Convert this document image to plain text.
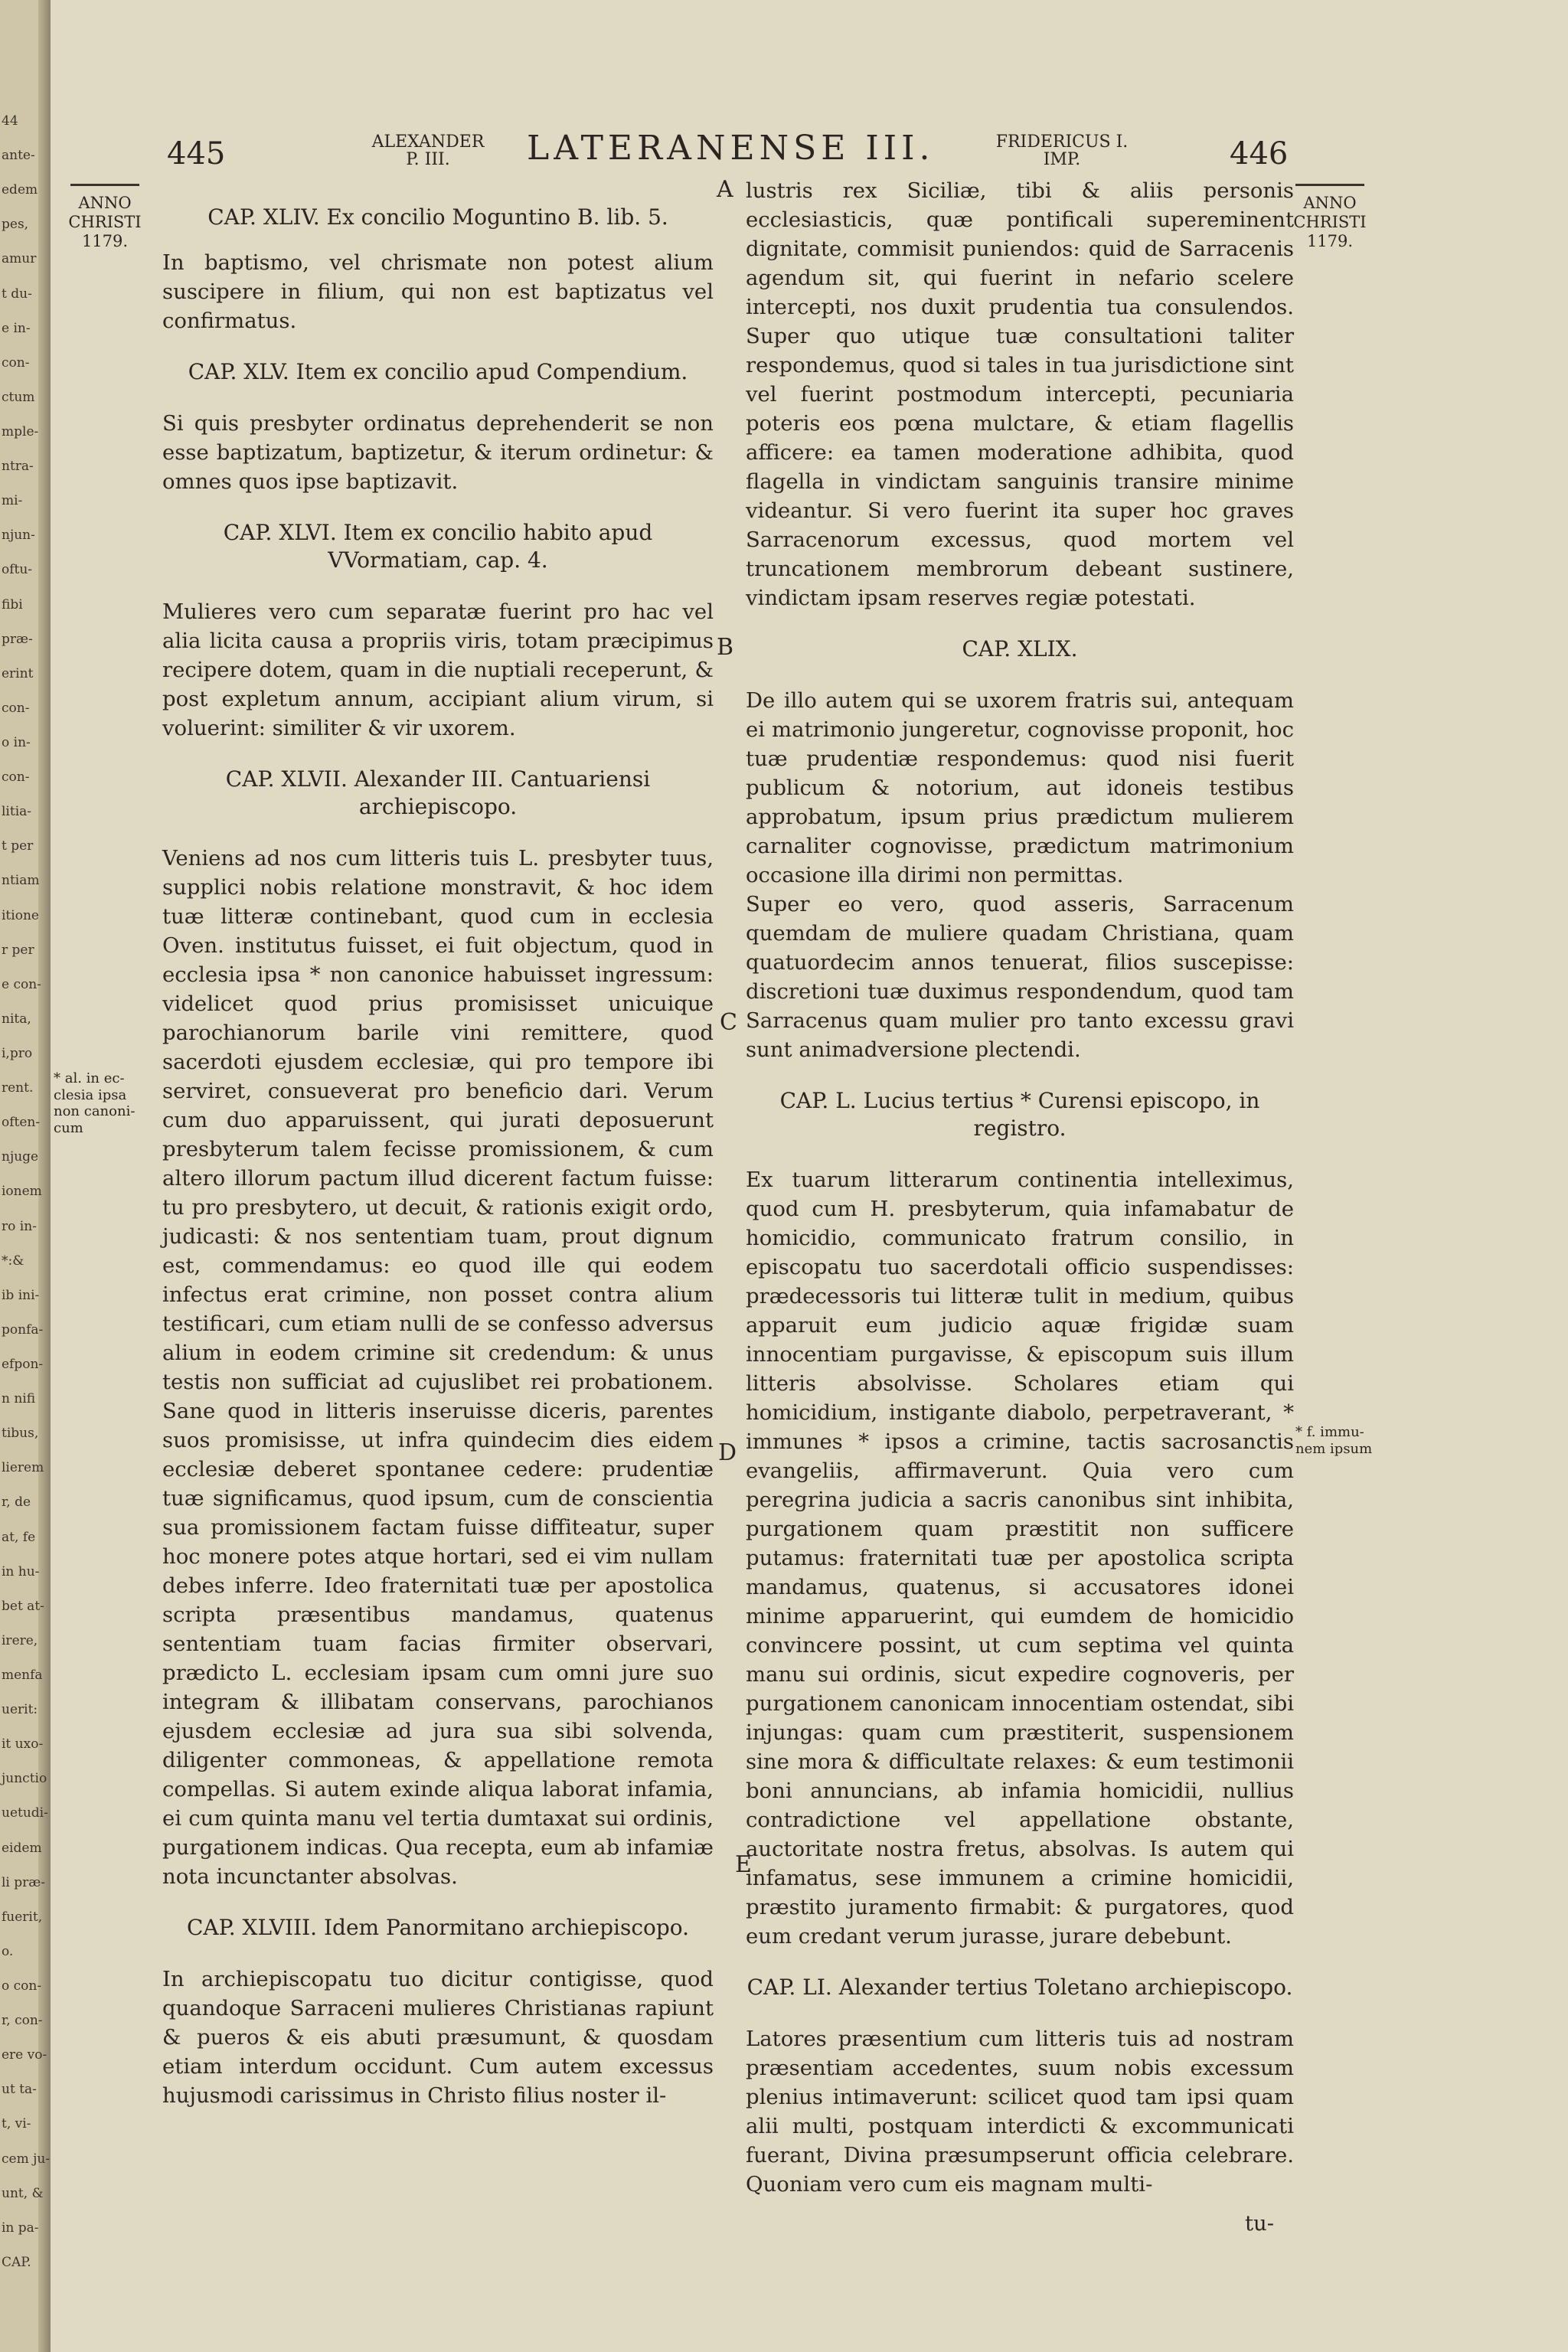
44
ante-
edem
pes,
amur
t du-
e in-
con-
ctum
mple-
ntra-
mi-
njun-
oftu-
fibi
præ-
erint
con-
o in-
con-
litia-
t per
ntiam
itione
r per
e con-
nita,
i,pro
rent.
often-
njuge
ionem
ro in-
*:&
ib ini-
ponfa-
efpon-
n nifi
tibus,
lierem
r, de
at, fe
in hu-
bet at-
irere,
menfa
uerit:
it uxo-
junctio
uetudi-
eidem
li præ-
fuerit,
o.
o con-
r, con-
ere vo-
ut ta-
t, vi-
cem ju-
unt, &
in pa-
CAP.
445	ALEXANDER
P. III.	LATERANENSE III.	FRIDERICUS I.
IMP.	446
ANNO
CHRISTI
1179.
ANNO
CHRISTI
1179.
A
B
C
D
E
* al. in ec-
clesia ipsa
non canoni-
cum
* f. immu-
nem ipsum

CAP. XLIV. Ex concilio Moguntino B. lib. 5.

In baptismo, vel chrismate non potest alium suscipere in filium, qui non est baptizatus vel confirmatus.

CAP. XLV. Item ex concilio apud Compendium.

Si quis presbyter ordinatus deprehenderit se non esse baptizatum, baptizetur, & iterum ordinetur: & omnes quos ipse baptizavit.

CAP. XLVI. Item ex concilio habito apud VVormatiam, cap. 4.

Mulieres vero cum separatæ fuerint pro hac vel alia licita causa a propriis viris, totam præcipimus recipere dotem, quam in die nuptiali receperunt, & post expletum annum, accipiant alium virum, si voluerint: similiter & vir uxorem.

CAP. XLVII. Alexander III. Cantuariensi archiepiscopo.

Veniens ad nos cum litteris tuis L. presbyter tuus, supplici nobis relatione monstravit, & hoc idem tuæ litteræ continebant, quod cum in ecclesia Oven. institutus fuisset, ei fuit objectum, quod in ecclesia ipsa * non canonice habuisset ingressum: videlicet quod prius promisisset unicuique parochianorum barile vini remittere, quod sacerdoti ejusdem ecclesiæ, qui pro tempore ibi serviret, consueverat pro beneficio dari. Verum cum duo apparuissent, qui jurati deposuerunt presbyterum talem fecisse promissionem, & cum altero illorum pactum illud dicerent factum fuisse: tu pro presbytero, ut decuit, & rationis exigit ordo, judicasti: & nos sententiam tuam, prout dignum est, commendamus: eo quod ille qui eodem infectus erat crimine, non posset contra alium testificari, cum etiam nulli de se confesso adversus alium in eodem crimine sit credendum: & unus testis non sufficiat ad cujuslibet rei probationem. Sane quod in litteris inseruisse diceris, parentes suos promisisse, ut infra quindecim dies eidem ecclesiæ deberet spontanee cedere: prudentiæ tuæ significamus, quod ipsum, cum de conscientia sua promissionem factam fuisse diffiteatur, super hoc monere potes atque hortari, sed ei vim nullam debes inferre. Ideo fraternitati tuæ per apostolica scripta præsentibus mandamus, quatenus sententiam tuam facias firmiter observari, prædicto L. ecclesiam ipsam cum omni jure suo integram & illibatam conservans, parochianos ejusdem ecclesiæ ad jura sua sibi solvenda, diligenter commoneas, & appellatione remota compellas. Si autem exinde aliqua laborat infamia, ei cum quinta manu vel tertia dumtaxat sui ordinis, purgationem indicas. Qua recepta, eum ab infamiæ nota incunctanter absolvas.

CAP. XLVIII. Idem Panormitano archiepiscopo.

In archiepiscopatu tuo dicitur contigisse, quod quandoque Sarraceni mulieres Christianas rapiunt & pueros & eis abuti præsumunt, & quosdam etiam interdum occidunt. Cum autem excessus hujusmodi carissimus in Christo filius noster il-

lustris rex Siciliæ, tibi & aliis personis ecclesiasticis, quæ pontificali supereminent dignitate, commisit puniendos: quid de Sarracenis agendum sit, qui fuerint in nefario scelere intercepti, nos duxit prudentia tua consulendos. Super quo utique tuæ consultationi taliter respondemus, quod si tales in tua jurisdictione sint vel fuerint postmodum intercepti, pecuniaria poteris eos pœna mulctare, & etiam flagellis afficere: ea tamen moderatione adhibita, quod flagella in vindictam sanguinis transire minime videantur. Si vero fuerint ita super hoc graves Sarracenorum excessus, quod mortem vel truncationem membrorum debeant sustinere, vindictam ipsam reserves regiæ potestati.

CAP. XLIX.

De illo autem qui se uxorem fratris sui, antequam ei matrimonio jungeretur, cognovisse proponit, hoc tuæ prudentiæ respondemus: quod nisi fuerit publicum & notorium, aut idoneis testibus approbatum, ipsum prius prædictum mulierem carnaliter cognovisse, prædictum matrimonium occasione illa dirimi non permittas.

Super eo vero, quod asseris, Sarracenum quemdam de muliere quadam Christiana, quam quatuordecim annos tenuerat, filios suscepisse: discretioni tuæ duximus respondendum, quod tam Sarracenus quam mulier pro tanto excessu gravi sunt animadversione plectendi.

CAP. L. Lucius tertius * Curensi episcopo, in registro.

Ex tuarum litterarum continentia intelleximus, quod cum H. presbyterum, quia infamabatur de homicidio, communicato fratrum consilio, in episcopatu tuo sacerdotali officio suspendisses: prædecessoris tui litteræ tulit in medium, quibus apparuit eum judicio aquæ frigidæ suam innocentiam purgavisse, & episcopum suis illum litteris absolvisse. Scholares etiam qui homicidium, instigante diabolo, perpetraverant, * immunes * ipsos a crimine, tactis sacrosanctis evangeliis, affirmaverunt. Quia vero cum peregrina judicia a sacris canonibus sint inhibita, purgationem quam præstitit non sufficere putamus: fraternitati tuæ per apostolica scripta mandamus, quatenus, si accusatores idonei minime apparuerint, qui eumdem de homicidio convincere possint, ut cum septima vel quinta manu sui ordinis, sicut expedire cognoveris, per purgationem canonicam innocentiam ostendat, sibi injungas: quam cum præstiterit, suspensionem sine mora & difficultate relaxes: & eum testimonii boni annuncians, ab infamia homicidii, nullius contradictione vel appellatione obstante, auctoritate nostra fretus, absolvas. Is autem qui infamatus, sese immunem a crimine homicidii, præstito juramento firmabit: & purgatores, quod eum credant verum jurasse, jurare debebunt.

CAP. LI. Alexander tertius Toletano archiepiscopo.

Latores præsentium cum litteris tuis ad nostram præsentiam accedentes, suum nobis excessum plenius intimaverunt: scilicet quod tam ipsi quam alii multi, postquam interdicti & excommunicati fuerant, Divina præsumpserunt officia celebrare. Quoniam vero cum eis magnam multi-

tu-
